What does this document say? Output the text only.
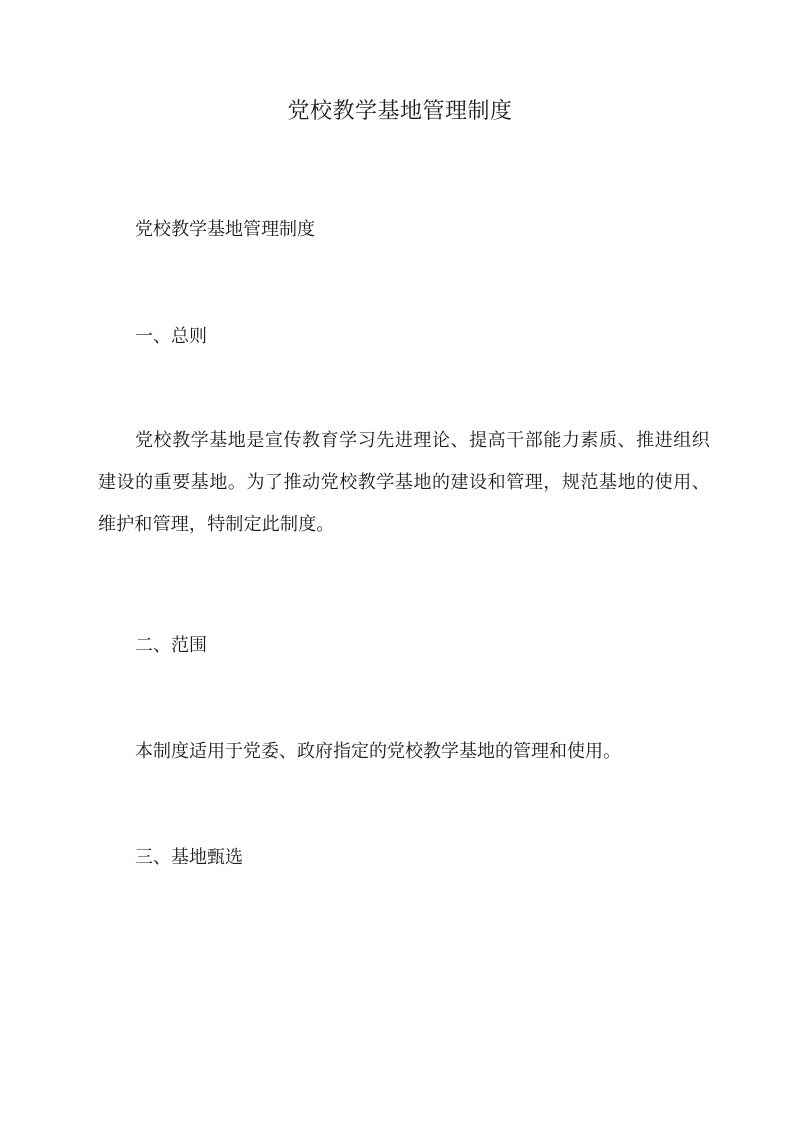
党校教学基地管理制度

党校教学基地管理制度

一、总则

党校教学基地是宣传教育学习先进理论、提高干部能力素质、推进组织建设的重要基地。为了推动党校教学基地的建设和管理，规范基地的使用、维护和管理，特制定此制度。

二、范围

本制度适用于党委、政府指定的党校教学基地的管理和使用。

三、基地甄选
